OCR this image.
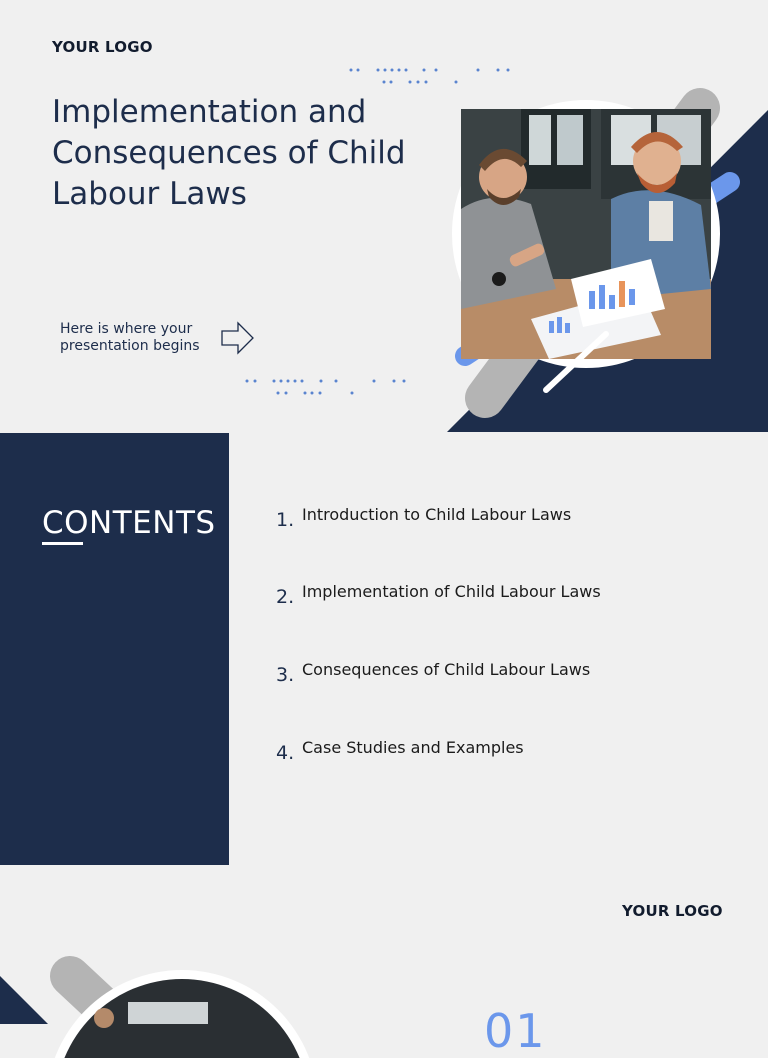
YOUR LOGO
Implementation and Consequences of Child Labour Laws
Here is where your presentation begins
CONTENTS	1. Introduction to Child Labour Laws
2. Implementation of Child Labour Laws
3. Consequences of Child Labour Laws
4. Case Studies and Examples
YOUR LOGO
01
